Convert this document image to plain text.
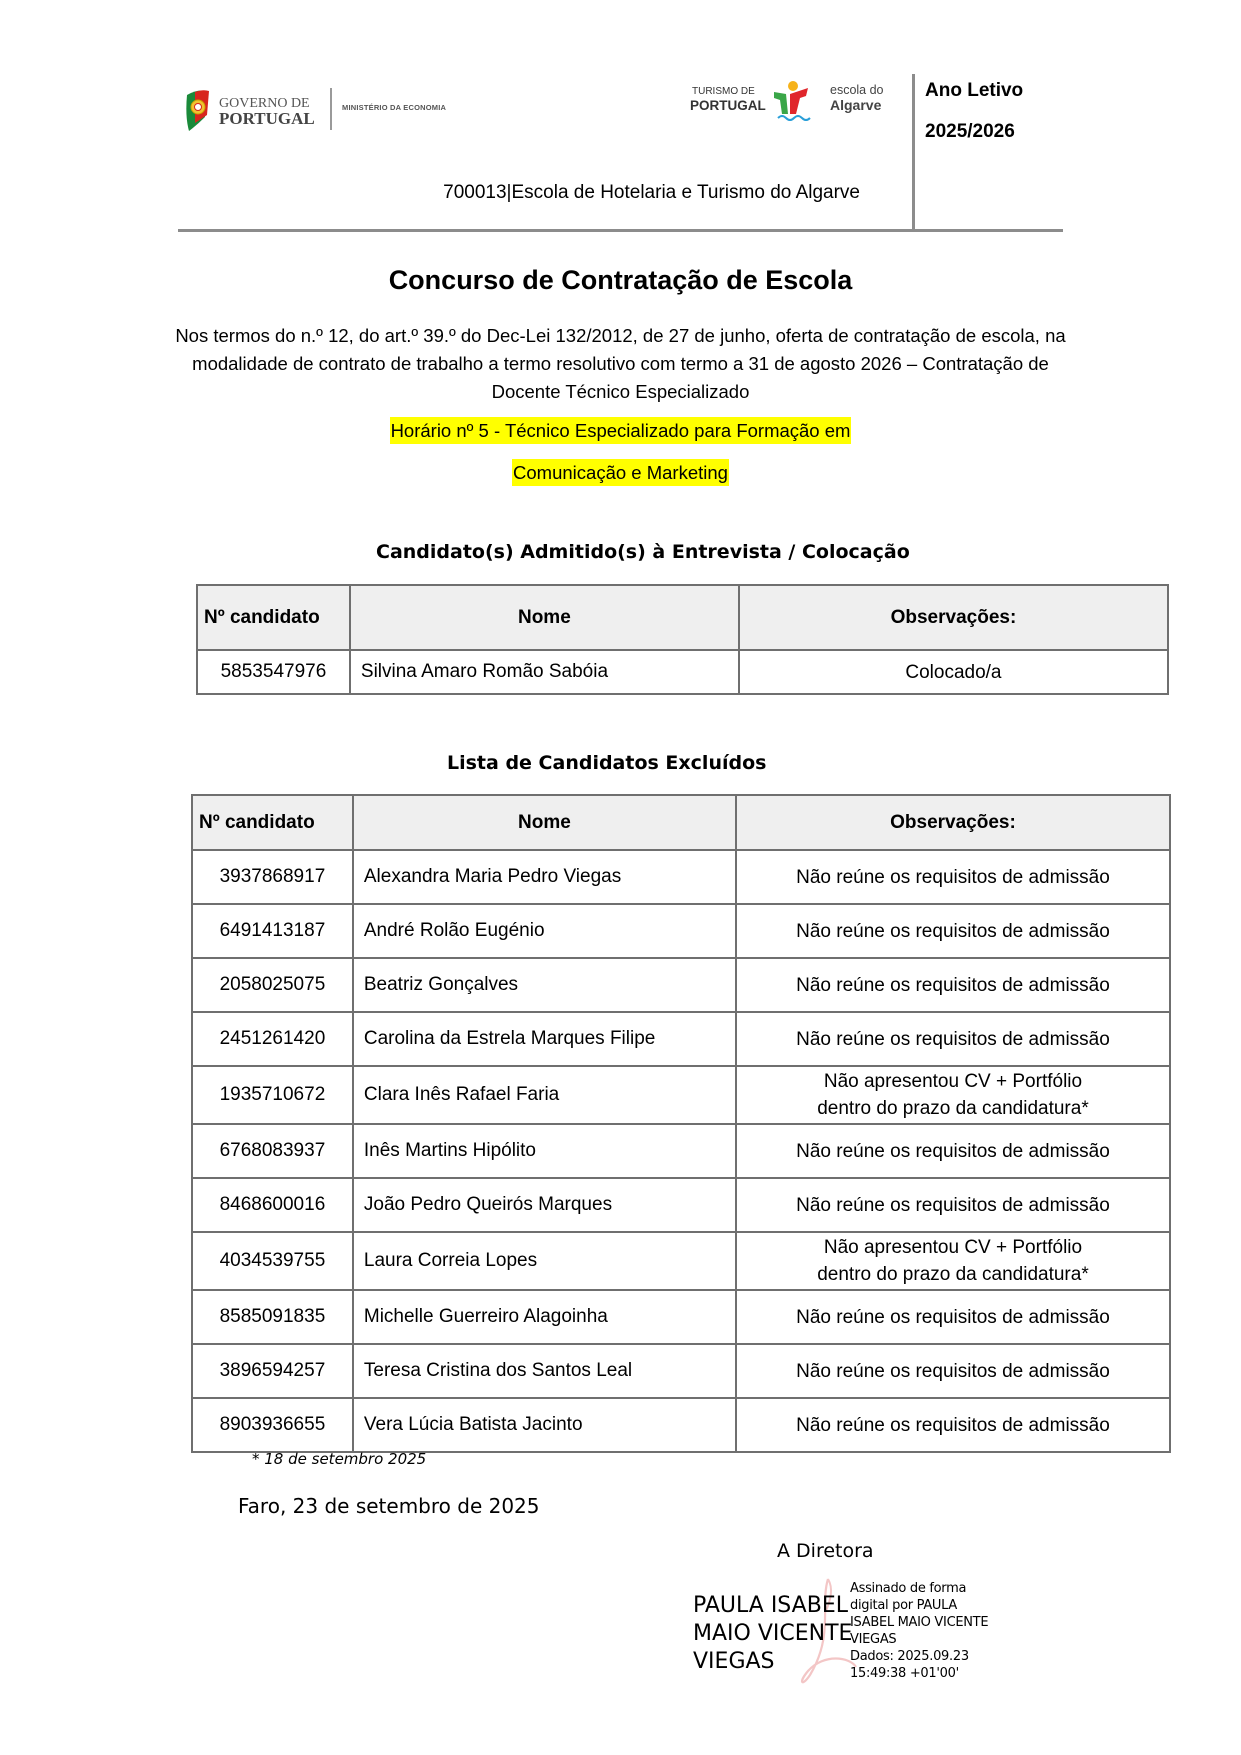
GOVERNO DE
PORTUGAL
MINISTÉRIO DA ECONOMIA
TURISMO DE
PORTUGAL
escola do
Algarve
Ano Letivo
2025/2026
700013|Escola de Hotelaria e Turismo do Algarve
Concurso de Contratação de Escola
Nos termos do n.º 12, do art.º 39.º do Dec-Lei 132/2012, de 27 de junho, oferta de contratação de escola, na modalidade de contrato de trabalho a termo resolutivo com termo a 31 de agosto 2026 – Contratação de Docente Técnico Especializado
Horário nº 5 - Técnico Especializado para Formação em
Comunicação e Marketing
Candidato(s) Admitido(s) à Entrevista / Colocação
Nº candidato	Nome	Observações:
5853547976	Silvina Amaro Romão Sabóia	Colocado/a
Lista de Candidatos Excluídos
Nº candidato	Nome	Observações:
3937868917	Alexandra Maria Pedro Viegas	Não reúne os requisitos de admissão

6491413187	André Rolão Eugénio	Não reúne os requisitos de admissão

2058025075	Beatriz Gonçalves	Não reúne os requisitos de admissão

2451261420	Carolina da Estrela Marques Filipe	Não reúne os requisitos de admissão

1935710672	Clara Inês Rafael Faria	Não apresentou CV + Portfólio
dentro do prazo da candidatura*

6768083937	Inês Martins Hipólito	Não reúne os requisitos de admissão

8468600016	João Pedro Queirós Marques	Não reúne os requisitos de admissão

4034539755	Laura Correia Lopes	Não apresentou CV + Portfólio
dentro do prazo da candidatura*

8585091835	Michelle Guerreiro Alagoinha	Não reúne os requisitos de admissão

3896594257	Teresa Cristina dos Santos Leal	Não reúne os requisitos de admissão

8903936655	Vera Lúcia Batista Jacinto	Não reúne os requisitos de admissão
* 18 de setembro 2025
Faro, 23 de setembro de 2025
A Diretora
PAULA ISABEL
MAIO VICENTE
VIEGAS
Assinado de forma
digital por PAULA
ISABEL MAIO VICENTE
VIEGAS
Dados: 2025.09.23
15:49:38 +01'00'
